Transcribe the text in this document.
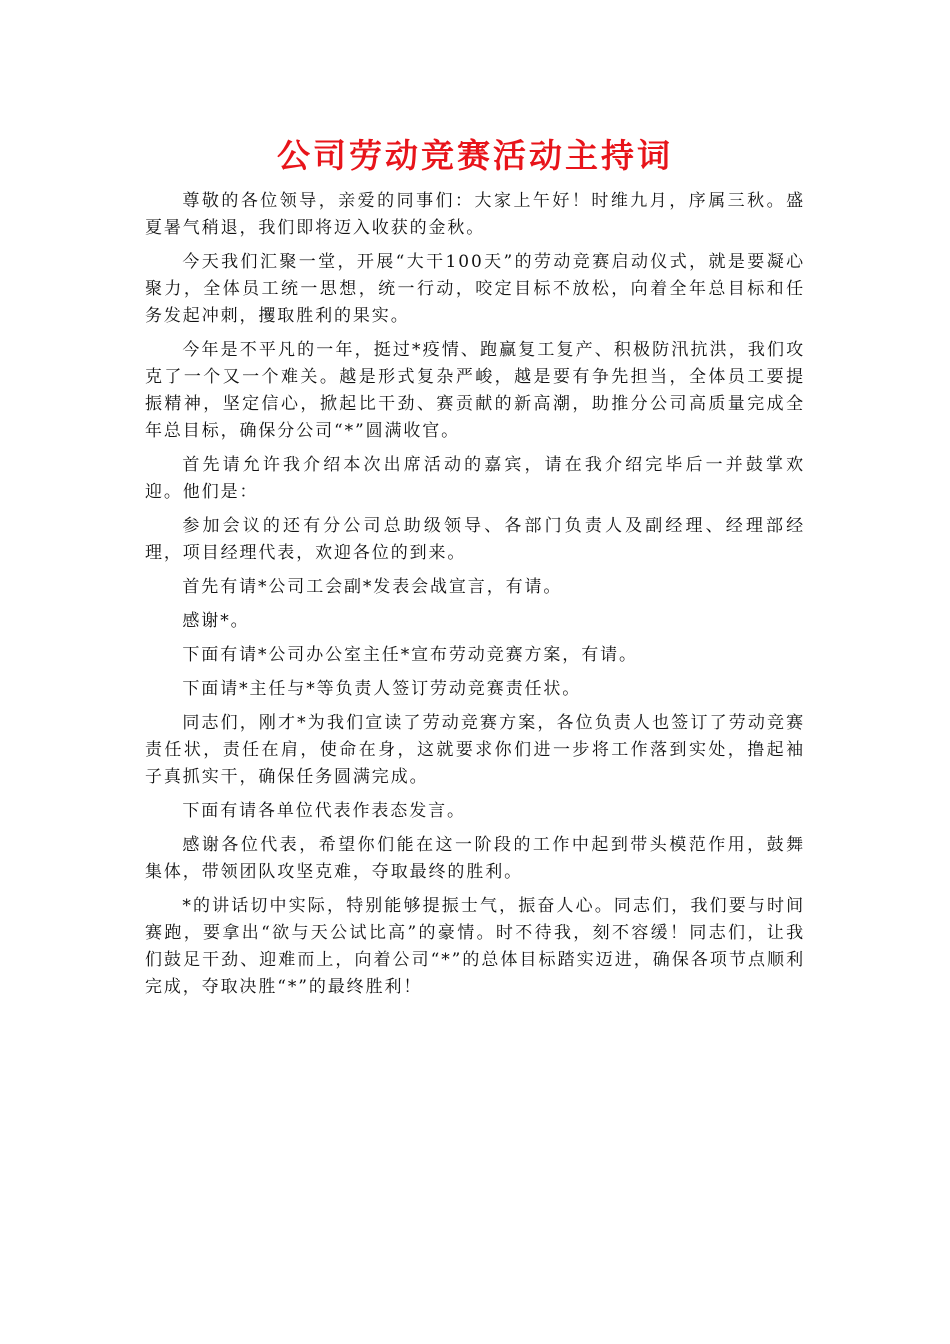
公司劳动竞赛活动主持词

尊敬的各位领导，亲爱的同事们：大家上午好！时维九月，序属三秋。盛夏暑气稍退，我们即将迈入收获的金秋。

今天我们汇聚一堂，开展“大干100天”的劳动竞赛启动仪式，就是要凝心聚力，全体员工统一思想，统一行动，咬定目标不放松，向着全年总目标和任务发起冲刺，攫取胜利的果实。

今年是不平凡的一年，挺过*疫情、跑赢复工复产、积极防汛抗洪，我们攻克了一个又一个难关。越是形式复杂严峻，越是要有争先担当，全体员工要提振精神，坚定信心，掀起比干劲、赛贡献的新高潮，助推分公司高质量完成全年总目标，确保分公司“*”圆满收官。

首先请允许我介绍本次出席活动的嘉宾，请在我介绍完毕后一并鼓掌欢迎。他们是：

参加会议的还有分公司总助级领导、各部门负责人及副经理、经理部经理，项目经理代表，欢迎各位的到来。

首先有请*公司工会副*发表会战宣言，有请。

感谢*。

下面有请*公司办公室主任*宣布劳动竞赛方案，有请。

下面请*主任与*等负责人签订劳动竞赛责任状。

同志们，刚才*为我们宣读了劳动竞赛方案，各位负责人也签订了劳动竞赛责任状，责任在肩，使命在身，这就要求你们进一步将工作落到实处，撸起袖子真抓实干，确保任务圆满完成。

下面有请各单位代表作表态发言。

感谢各位代表，希望你们能在这一阶段的工作中起到带头模范作用，鼓舞集体，带领团队攻坚克难，夺取最终的胜利。

*的讲话切中实际，特别能够提振士气，振奋人心。同志们，我们要与时间赛跑，要拿出“欲与天公试比高”的豪情。时不待我，刻不容缓！同志们，让我们鼓足干劲、迎难而上，向着公司“*”的总体目标踏实迈进，确保各项节点顺利完成，夺取决胜“*”的最终胜利！
